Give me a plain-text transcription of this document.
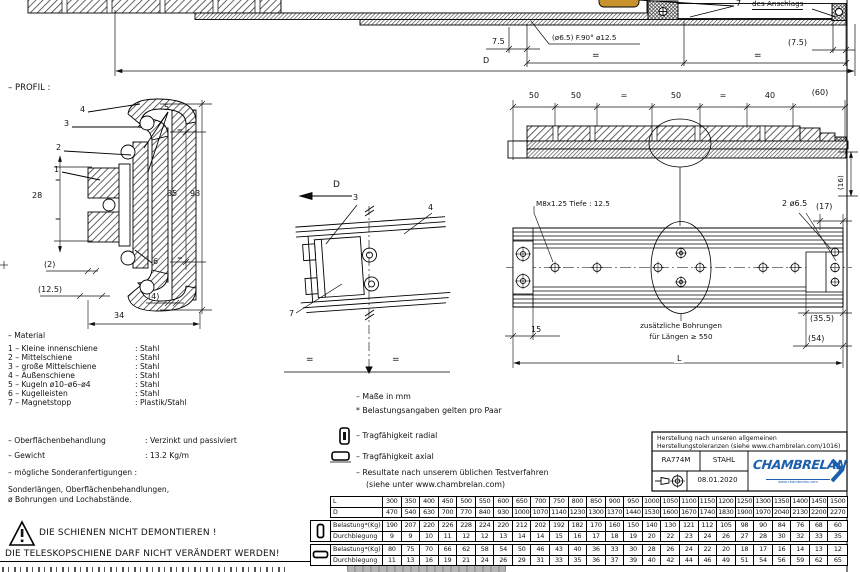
D
7 des Anschlags
7.5	(ø6.5) F.90° ø12.5
(7.5)
=	=
– PROFIL :
1
2
3
4	5
6
28
=
=
35 93
=
=
(2)
(12.5)
(4)
34
– Material
1 – Kleine innenschiene	: Stahl
2 – Mittelschiene	: Stahl
3 – große Mittelschiene	: Stahl
4 – Außenschiene	: Stahl
5 – Kugeln ø10–ø6–ø4	: Stahl
6 – Kugelleisten	: Stahl
7 – Magnetstopp	: Plastik/Stahl
– Oberflächenbehandlung	: Verzinkt und passiviert
– Gewicht	: 13.2 Kg/m
– mögliche Sonderanfertigungen :
Sonderlängen, Oberflächenbehandlungen,
ø Bohrungen und Lochabstände.
D
3
4
7
=	=
– Maße in mm
* Belastungsangaben gelten pro Paar
– Tragfähigkeit radial
– Tragfähigkeit axial
– Resultate nach unserem üblichen Testverfahren
(siehe unter www.chambrelan.com)
50	50	=	50	=	40	(60)
(16)
M8x1.25 Tiefe : 12.5	2 ø6.5 (17)
15	zusätzliche Bohrungen
für Längen ≥ 550
(35.5)
(54)
L
DIE SCHIENEN NICHT DEMONTIEREN !
DIE TELESKOPSCHIENE DARF NICHT VERÄNDERT WERDEN!
Herstellung nach unseren allgemeinen
Herstellungstoleranzen (siehe www.chambrelan.com/1016)
RA774M	STAHL
08.01.2020
CHAMBRELAN
www.chambrelan.com
L	300	350	400	450	500	550	600	650	700	750	800	850	900	950 1000 1050 1100 1150 1200 1250 1300 1350 1400 1450 1500
D	470	540	630	700	770	840	930 1000 1070 1140 1230 1300 1370 1440 1530 1600 1670 1740 1830 1900 1970 2040 2130 2200 2270
Belastung*(Kg) 190	207	220	226	228	224	220	212	202	192	182	170	160	150	140	130	121	112	105	98	90	84	76	68	60
Durchbiegung	9	9	10	11	12	12	13	14	14	15	16	17	18	19	20	22	23	24	26	27	28	30	32	33	35
Belastung*(Kg)	80	75	70	66	62	58	54	50	46	43	40	36	33	30	28	26	24	22	20	18	17	16	14	13	12
Durchbiegung	11	13	16	19	21	24	26	29	31	33	35	36	37	39	40	42	44	46	49	51	54	56	59	62	65
